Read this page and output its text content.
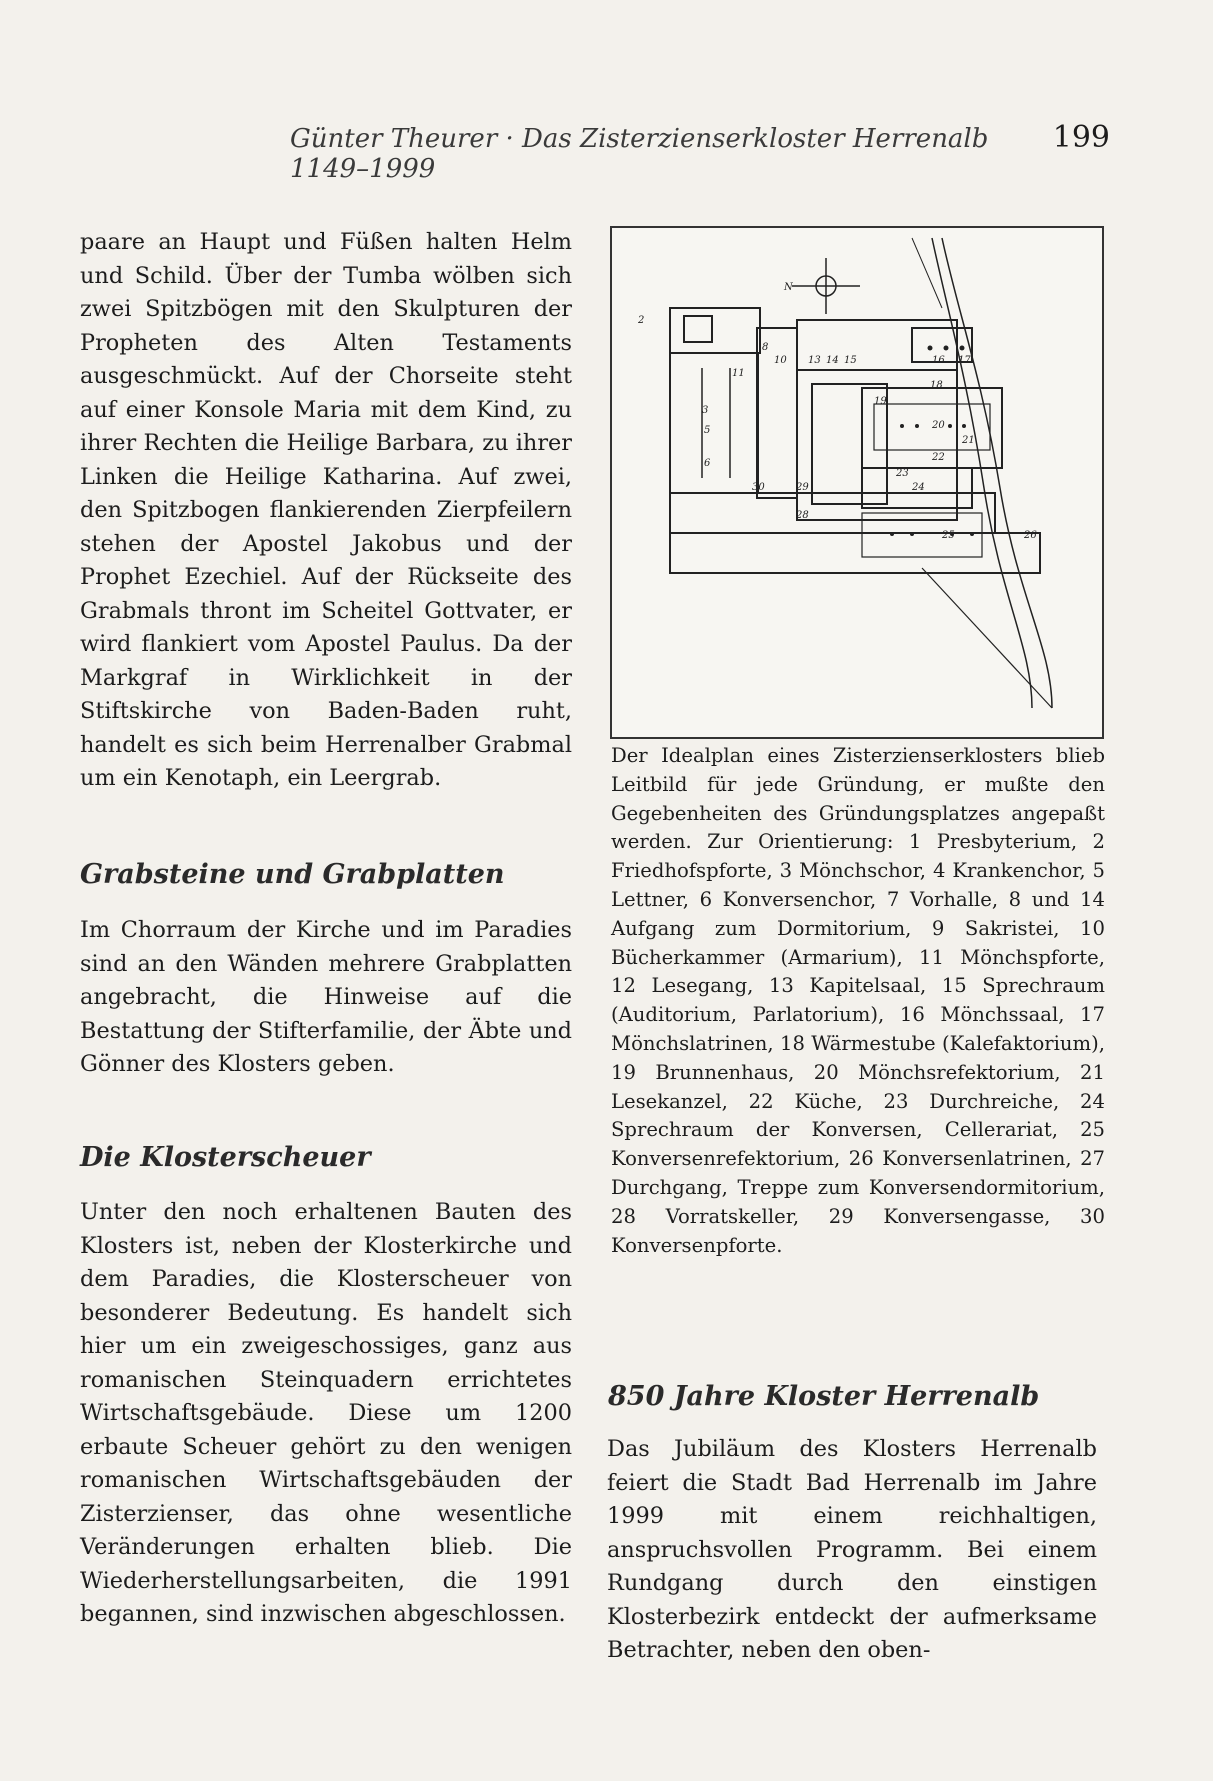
Günter Theurer · Das Zisterzienserkloster Herrenalb 1149–1999
199

paare an Haupt und Füßen halten Helm und Schild. Über der Tumba wölben sich zwei Spitzbögen mit den Skulpturen der Propheten des Alten Testaments ausgeschmückt. Auf der Chorseite steht auf einer Konsole Maria mit dem Kind, zu ihrer Rechten die Heilige Barbara, zu ihrer Linken die Heilige Katharina. Auf zwei, den Spitzbogen flankierenden Zierpfeilern stehen der Apostel Jakobus und der Prophet Ezechiel. Auf der Rückseite des Grabmals thront im Scheitel Gottvater, er wird flankiert vom Apostel Paulus. Da der Markgraf in Wirklichkeit in der Stiftskirche von Baden-Baden ruht, handelt es sich beim Herrenalber Grabmal um ein Kenotaph, ein Leergrab.

Grabsteine und Grabplatten

Im Chorraum der Kirche und im Paradies sind an den Wänden mehrere Grabplatten angebracht, die Hinweise auf die Bestattung der Stifterfamilie, der Äbte und Gönner des Klosters geben.

Die Klosterscheuer

Unter den noch erhaltenen Bauten des Klosters ist, neben der Klosterkirche und dem Paradies, die Klosterscheuer von besonderer Bedeutung. Es handelt sich hier um ein zweigeschossiges, ganz aus romanischen Steinquadern errichtetes Wirtschaftsgebäude. Diese um 1200 erbaute Scheuer gehört zu den wenigen romanischen Wirtschaftsgebäuden der Zisterzienser, das ohne wesentliche Veränderungen erhalten blieb. Die Wiederherstellungsarbeiten, die 1991 begannen, sind inzwischen abgeschlossen.

N
2
11
3
5
6
8
10 13 14 15	16 17
18
19
20
21
22
23
24
25	26
28
29
30

Der Idealplan eines Zisterzienserklosters blieb Leitbild für jede Gründung, er mußte den Gegebenheiten des Gründungsplatzes angepaßt werden. Zur Orientierung: 1 Presbyterium, 2 Friedhofspforte, 3 Mönchschor, 4 Krankenchor, 5 Lettner, 6 Konversenchor, 7 Vorhalle, 8 und 14 Aufgang zum Dormitorium, 9 Sakristei, 10 Bücherkammer (Armarium), 11 Mönchspforte, 12 Lesegang, 13 Kapitelsaal, 15 Sprechraum (Auditorium, Parlatorium), 16 Mönchssaal, 17 Mönchslatrinen, 18 Wärmestube (Kalefaktorium), 19 Brunnenhaus, 20 Mönchsrefektorium, 21 Lesekanzel, 22 Küche, 23 Durchreiche, 24 Sprechraum der Konversen, Cellerariat, 25 Konversenrefektorium, 26 Konversenlatrinen, 27 Durchgang, Treppe zum Konversendormitorium, 28 Vorratskeller, 29 Konversengasse, 30 Konversenpforte.

850 Jahre Kloster Herrenalb

Das Jubiläum des Klosters Herrenalb feiert die Stadt Bad Herrenalb im Jahre 1999 mit einem reichhaltigen, anspruchsvollen Programm. Bei einem Rundgang durch den einstigen Klosterbezirk entdeckt der aufmerksame Betrachter, neben den oben-
